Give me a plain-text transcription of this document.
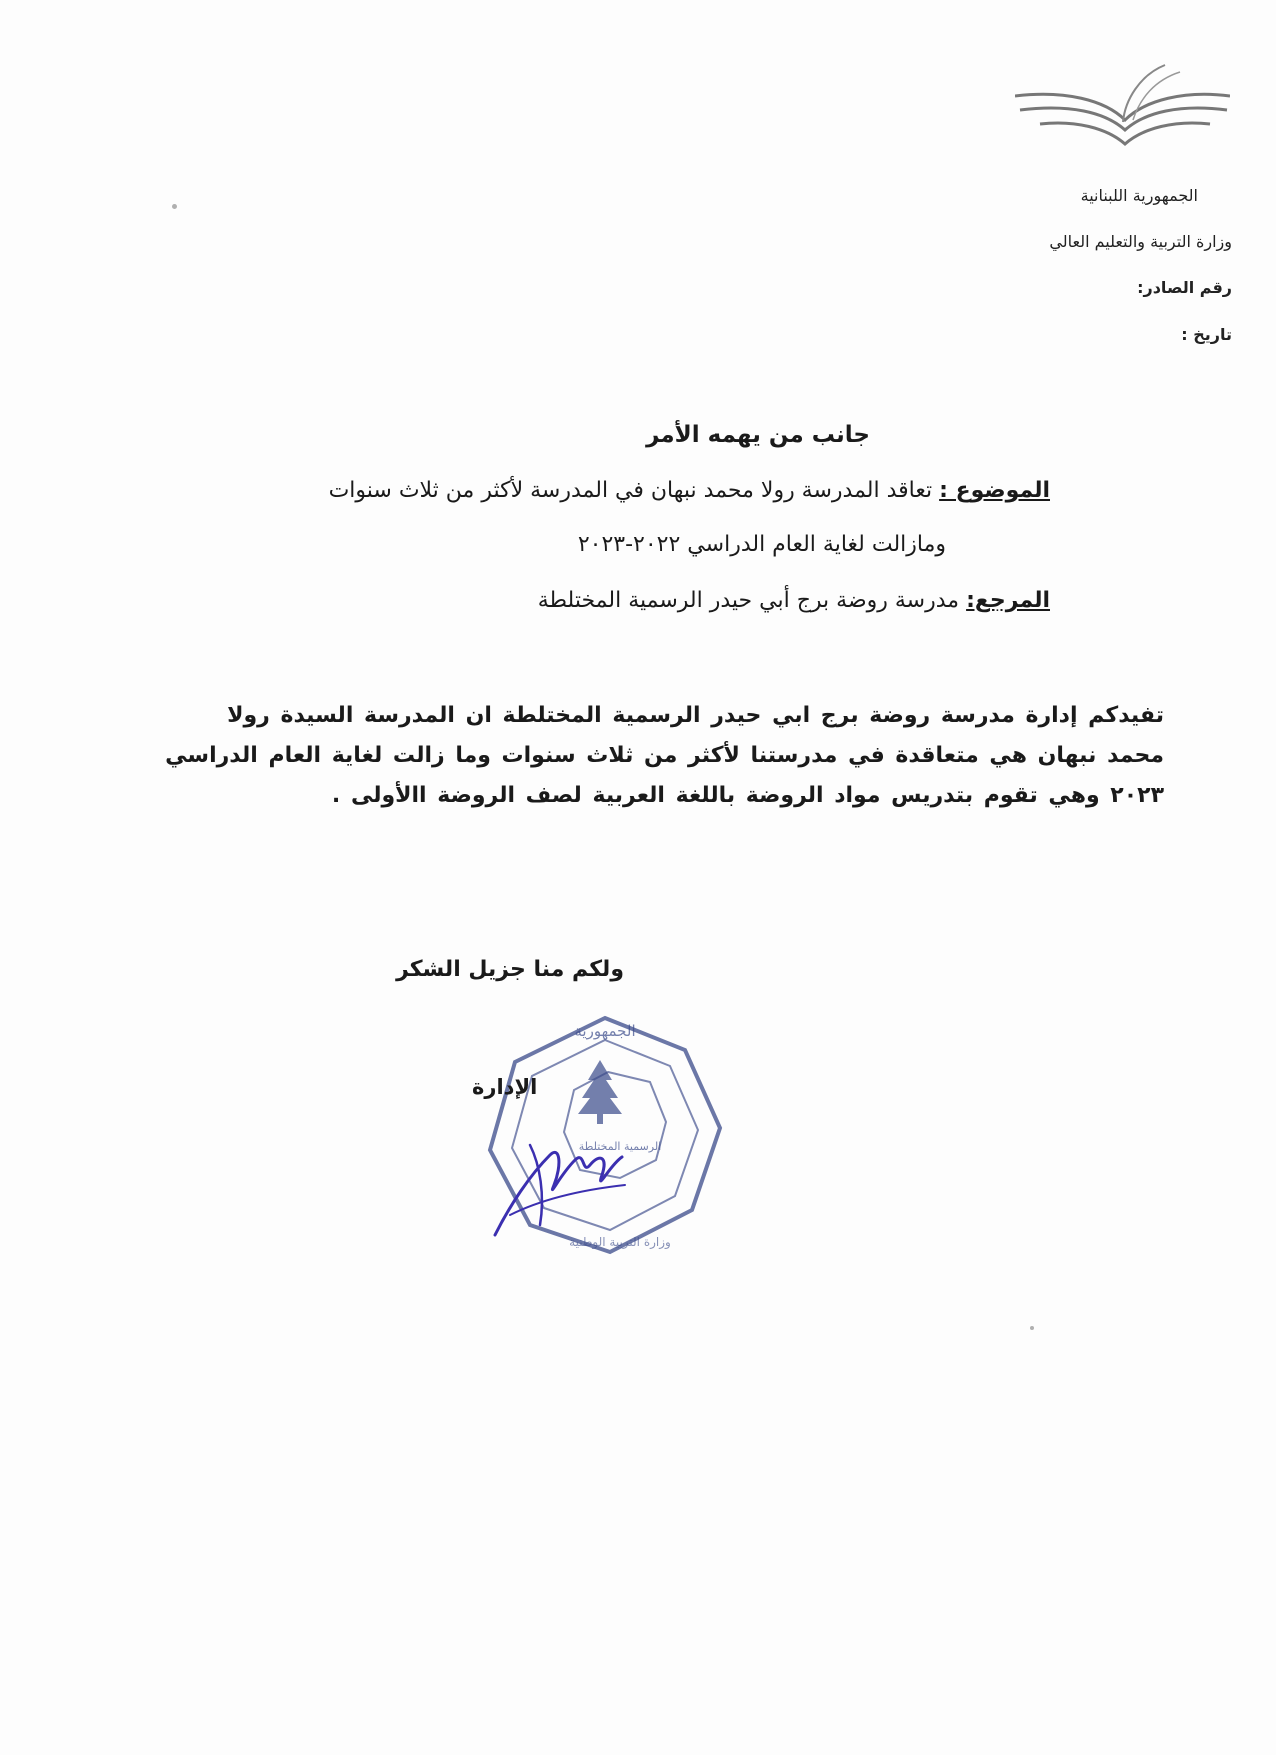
الجمهورية اللبنانية
وزارة التربية والتعليم العالي
رقم الصادر:
تاريخ :
جانب من يهمه الأمر
الموضوع : تعاقد المدرسة رولا محمد نبهان في المدرسة لأكثر من ثلاث سنوات
ومازالت لغاية العام الدراسي ٢٠٢٢-٢٠٢٣
المرجع: مدرسة روضة برج أبي حيدر الرسمية المختلطة
تفيدكم إدارة مدرسة روضة برج ابي حيدر الرسمية المختلطة ان المدرسة السيدة رولا
محمد نبهان هي متعاقدة في مدرستنا لأكثر من ثلاث سنوات وما زالت لغاية العام الدراسي
٢٠٢٣ وهي تقوم بتدريس مواد الروضة باللغة العربية لصف الروضة االأولى .
ولكم منا جزيل الشكر
الجمهورية
الرسمية المختلطة
وزارة التربية الوطنية
الإدارة
